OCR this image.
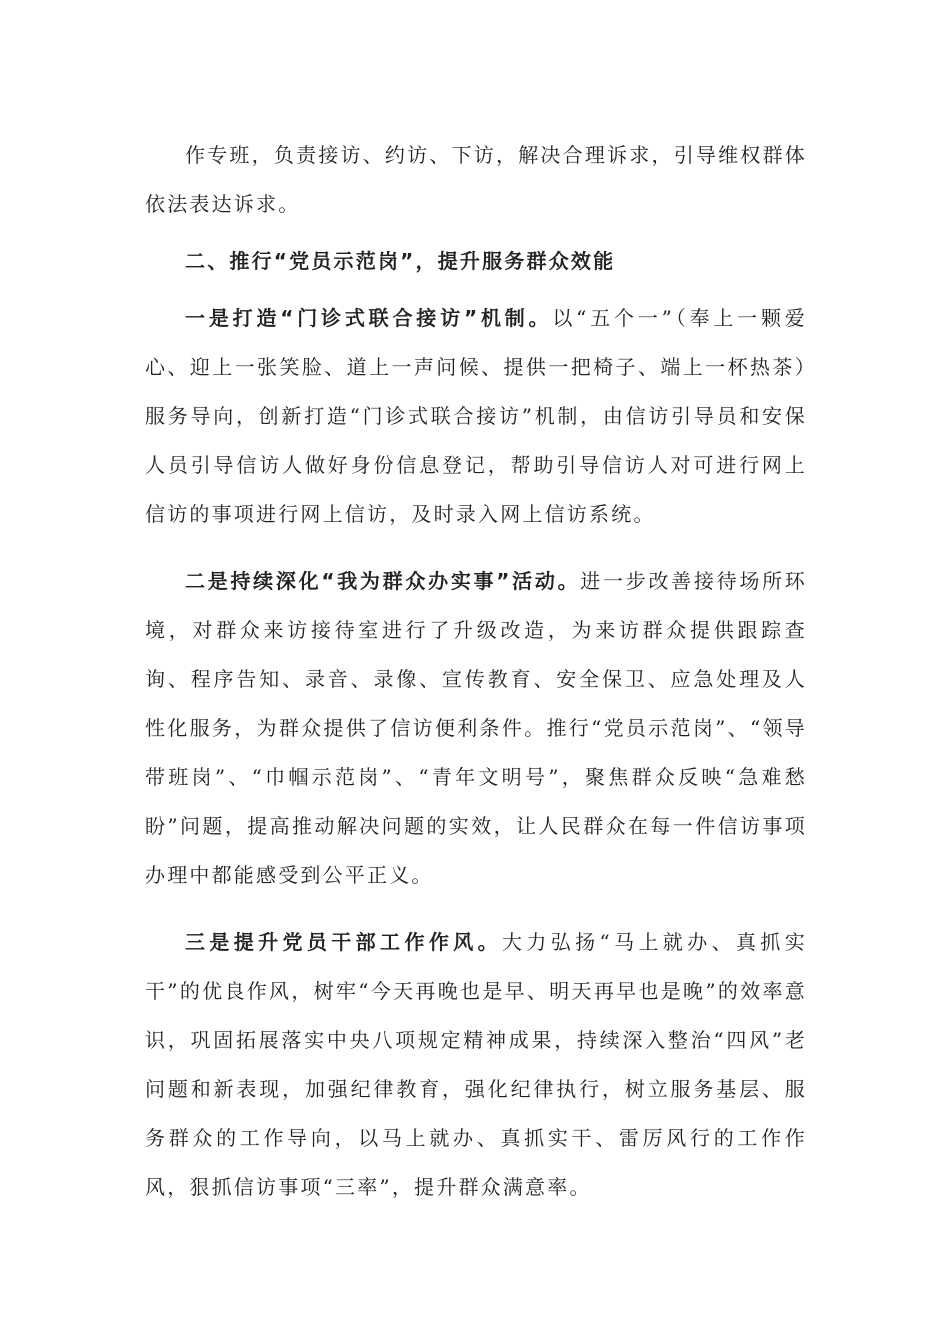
作专班，负责接访、约访、下访，解决合理诉求，引导维权群体依法表达诉求。

二、推行“党员示范岗”，提升服务群众效能

一是打造“门诊式联合接访”机制。以“五个一”（奉上一颗爱心、迎上一张笑脸、道上一声问候、提供一把椅子、端上一杯热茶）服务导向，创新打造“门诊式联合接访”机制，由信访引导员和安保人员引导信访人做好身份信息登记，帮助引导信访人对可进行网上信访的事项进行网上信访，及时录入网上信访系统。

二是持续深化“我为群众办实事”活动。进一步改善接待场所环境，对群众来访接待室进行了升级改造，为来访群众提供跟踪查询、程序告知、录音、录像、宣传教育、安全保卫、应急处理及人性化服务，为群众提供了信访便利条件。推行“党员示范岗”、“领导带班岗”、“巾帼示范岗”、“青年文明号”，聚焦群众反映“急难愁盼”问题，提高推动解决问题的实效，让人民群众在每一件信访事项办理中都能感受到公平正义。

三是提升党员干部工作作风。大力弘扬“马上就办、真抓实干”的优良作风，树牢“今天再晚也是早、明天再早也是晚”的效率意识，巩固拓展落实中央八项规定精神成果，持续深入整治“四风”老问题和新表现，加强纪律教育，强化纪律执行，树立服务基层、服务群众的工作导向，以马上就办、真抓实干、雷厉风行的工作作风，狠抓信访事项“三率”，提升群众满意率。
